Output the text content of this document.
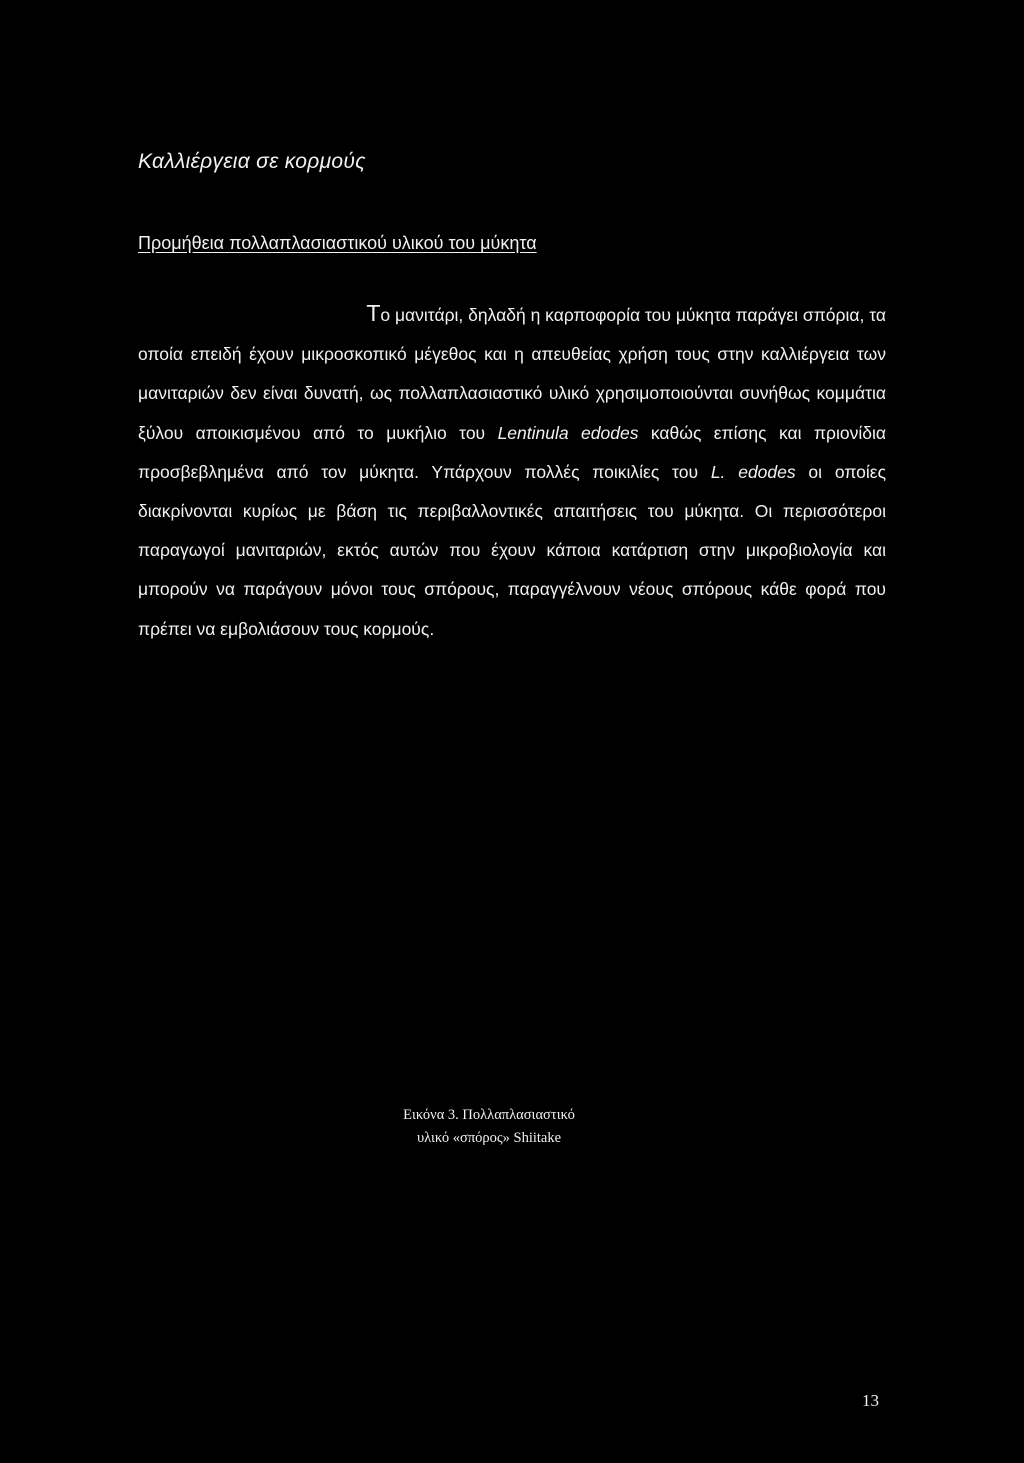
Καλλιέργεια σε κορμούς
Προμήθεια πολλαπλασιαστικού υλικού του μύκητα

Το μανιτάρι, δηλαδή η καρποφορία του μύκητα παράγει σπόρια, τα
οποία επειδή έχουν μικροσκοπικό μέγεθος και η απευθείας χρήση τους στην καλλιέργεια των μανιταριών δεν είναι δυνατή, ως πολλαπλασιαστικό υλικό χρησιμοποιούνται συνήθως κομμάτια ξύλου αποικισμένου από το μυκήλιο του Lentinula edodes καθώς επίσης και πριονίδια προσβεβλημένα από τον μύκητα. Υπάρχουν πολλές ποικιλίες του L. edodes οι οποίες διακρίνονται κυρίως με βάση τις περιβαλλοντικές απαιτήσεις του μύκητα. Οι περισσότεροι παραγωγοί μανιταριών, εκτός αυτών που έχουν κάποια κατάρτιση στην μικροβιολογία και μπορούν να παράγουν μόνοι τους σπόρους, παραγγέλνουν νέους σπόρους κάθε φορά που πρέπει να εμβολιάσουν τους κορμούς.

Εικόνα 3. Πολλαπλασιαστικό
υλικό «σπόρος» Shiitake

13
